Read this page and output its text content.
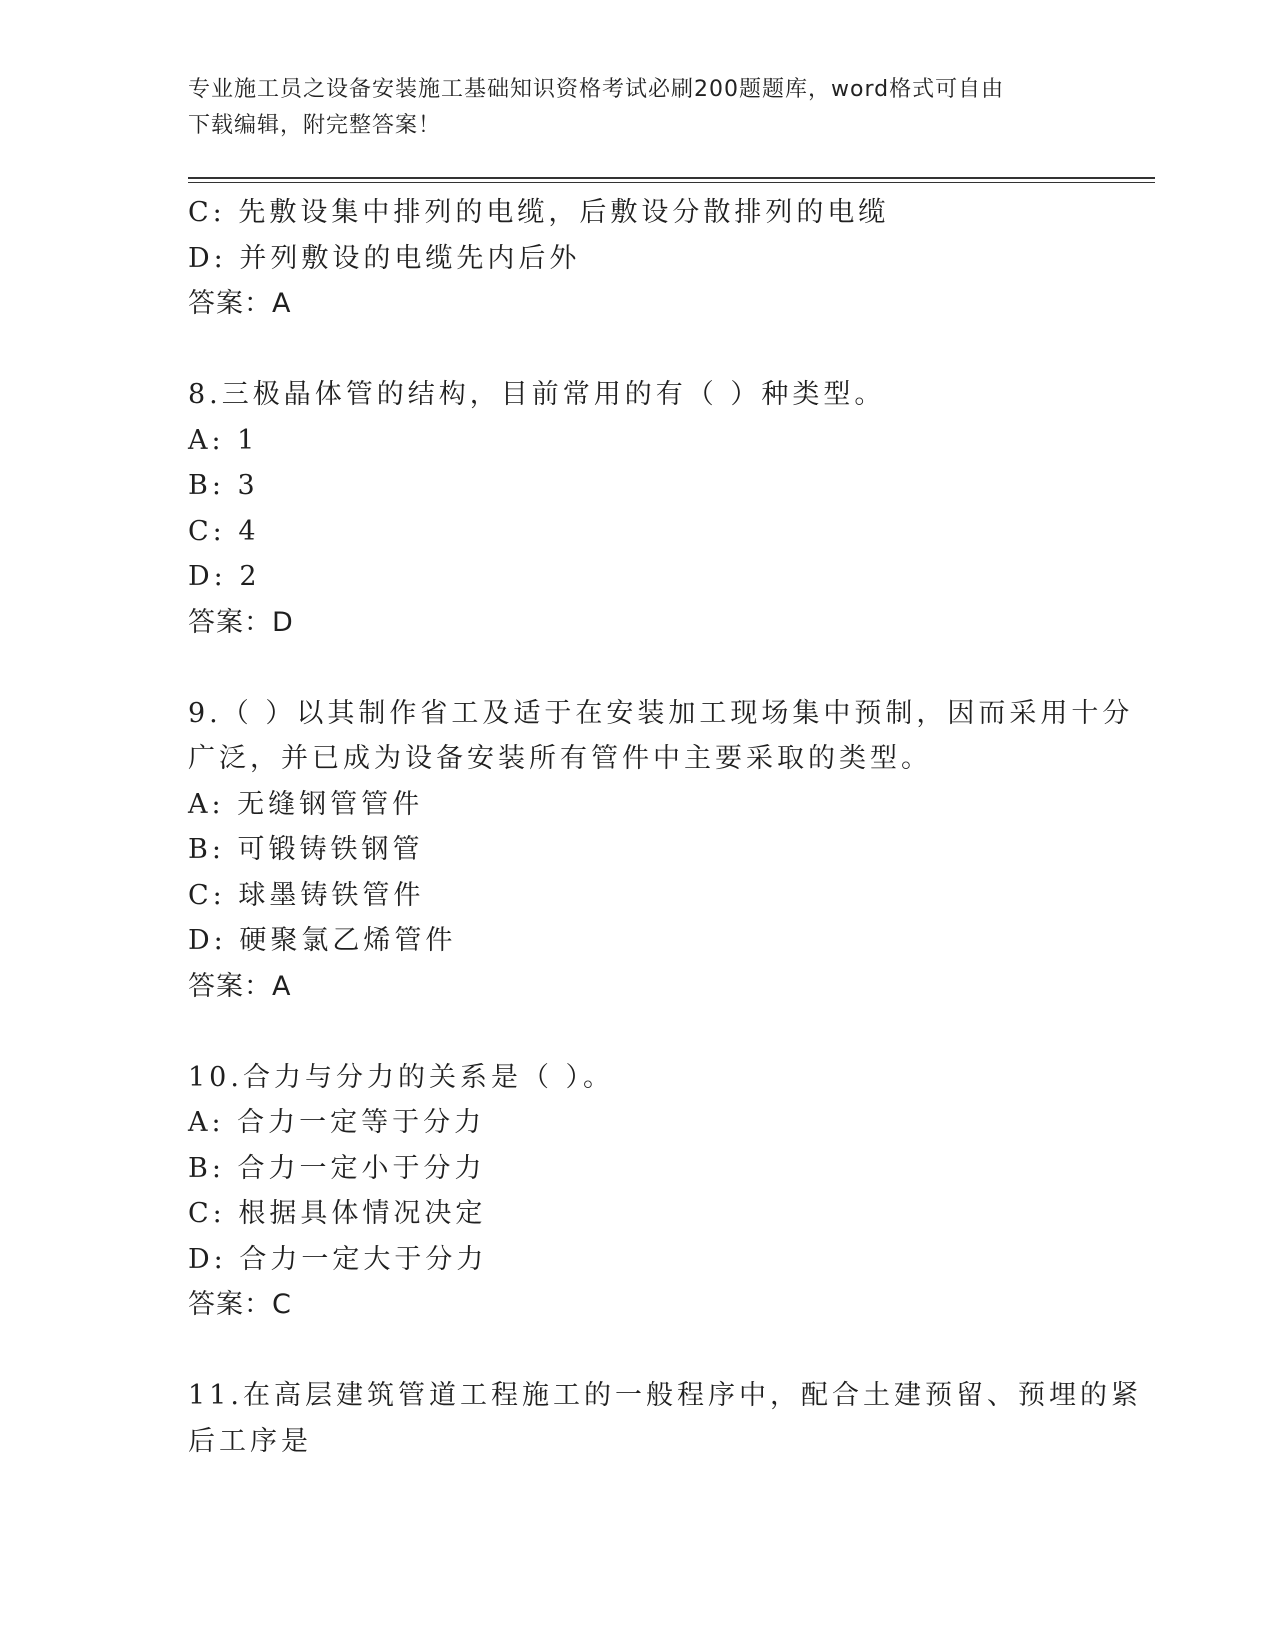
专业施工员之设备安装施工基础知识资格考试必刷200题题库，word格式可自由
下载编辑，附完整答案！
C: 先敷设集中排列的电缆，后敷设分散排列的电缆
D: 并列敷设的电缆先内后外
答案：A
8.三极晶体管的结构，目前常用的有（ ）种类型。
A: 1
B: 3
C: 4
D: 2
答案：D
9.（ ）以其制作省工及适于在安装加工现场集中预制，因而采用十分
广泛，并已成为设备安装所有管件中主要采取的类型。
A: 无缝钢管管件
B: 可锻铸铁钢管
C: 球墨铸铁管件
D: 硬聚氯乙烯管件
答案：A
10.合力与分力的关系是（ ）。
A: 合力一定等于分力
B: 合力一定小于分力
C: 根据具体情况决定
D: 合力一定大于分力
答案：C
11.在高层建筑管道工程施工的一般程序中，配合土建预留、预埋的紧
后工序是
